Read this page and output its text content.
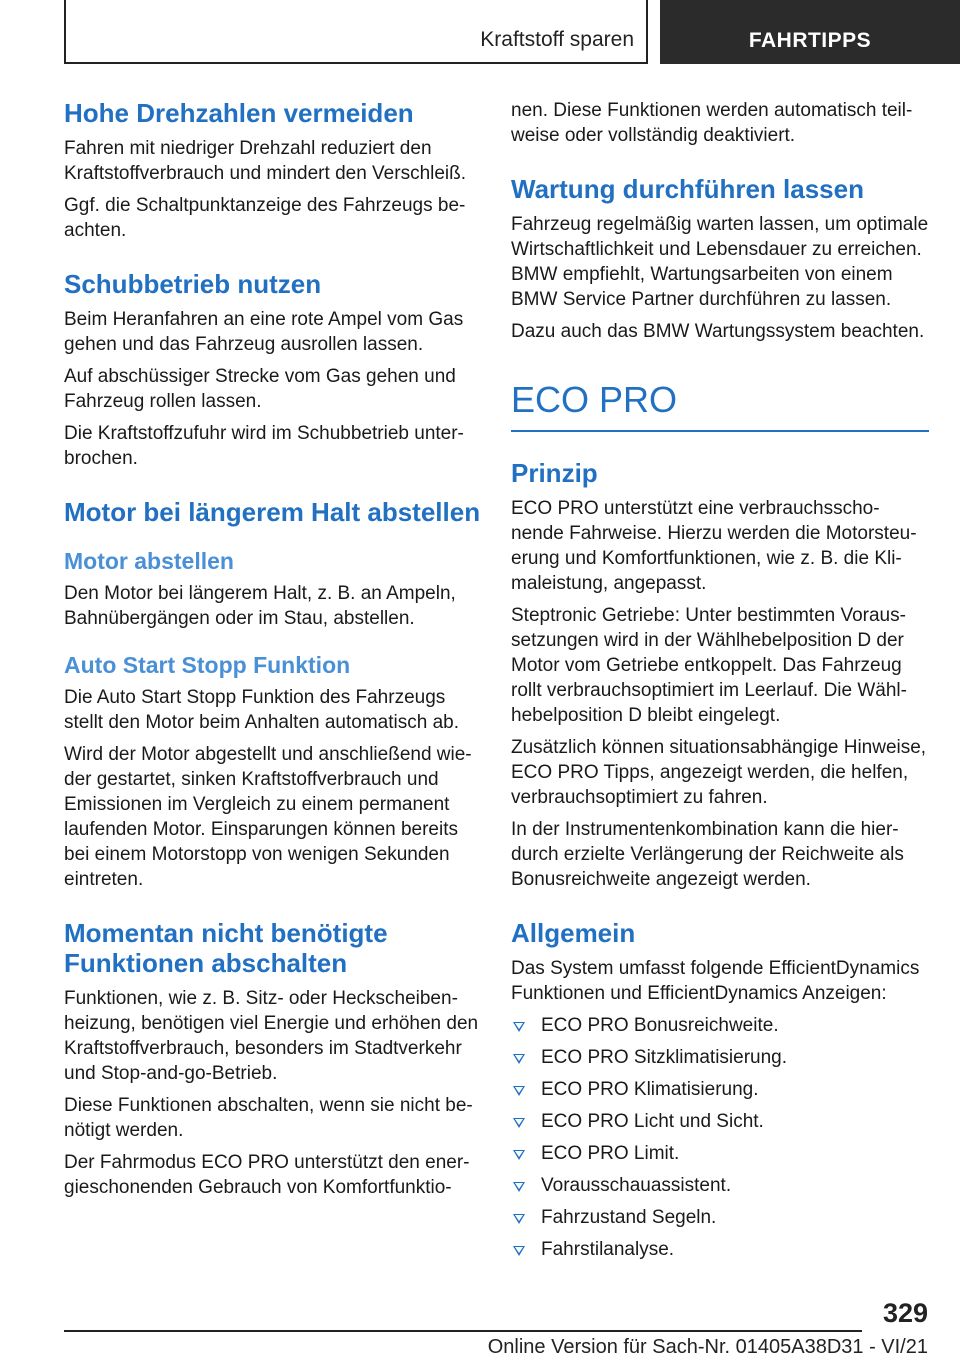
Kraftstoff sparen	FAHRTIPPS
Hohe Drehzahlen vermeiden

Fahren mit niedriger Drehzahl reduziert den Kraftstoffverbrauch und mindert den Verschleiß.

Ggf. die Schaltpunktanzeige des Fahrzeugs be-achten.

Schubbetrieb nutzen

Beim Heranfahren an eine rote Ampel vom Gas gehen und das Fahrzeug ausrollen lassen.

Auf abschüssiger Strecke vom Gas gehen und Fahrzeug rollen lassen.

Die Kraftstoffzufuhr wird im Schubbetrieb unter-brochen.

Motor bei längerem Halt abstellen
Motor abstellen

Den Motor bei längerem Halt, z. B. an Ampeln, Bahnübergängen oder im Stau, abstellen.

Auto Start Stopp Funktion

Die Auto Start Stopp Funktion des Fahrzeugs stellt den Motor beim Anhalten automatisch ab.

Wird der Motor abgestellt und anschließend wie-der gestartet, sinken Kraftstoffverbrauch und Emissionen im Vergleich zu einem permanent laufenden Motor. Einsparungen können bereits bei einem Motorstopp von wenigen Sekunden eintreten.

Momentan nicht benötigte Funktionen abschalten

Funktionen, wie z. B. Sitz- oder Heckscheiben-heizung, benötigen viel Energie und erhöhen den Kraftstoffverbrauch, besonders im Stadtverkehr und Stop-and-go-Betrieb.

Diese Funktionen abschalten, wenn sie nicht be-nötigt werden.

Der Fahrmodus ECO PRO unterstützt den ener-gieschonenden Gebrauch von Komfortfunktio-

nen. Diese Funktionen werden automatisch teil-weise oder vollständig deaktiviert.

Wartung durchführen lassen

Fahrzeug regelmäßig warten lassen, um optimale Wirtschaftlichkeit und Lebensdauer zu erreichen. BMW empfiehlt, Wartungsarbeiten von einem BMW Service Partner durchführen zu lassen.

Dazu auch das BMW Wartungssystem beachten.

ECO PRO
Prinzip

ECO PRO unterstützt eine verbrauchsscho-nende Fahrweise. Hierzu werden die Motorsteu-erung und Komfortfunktionen, wie z. B. die Kli-maleistung, angepasst.

Steptronic Getriebe: Unter bestimmten Voraus-setzungen wird in der Wählhebelposition D der Motor vom Getriebe entkoppelt. Das Fahrzeug rollt verbrauchsoptimiert im Leerlauf. Die Wähl-hebelposition D bleibt eingelegt.

Zusätzlich können situationsabhängige Hinweise, ECO PRO Tipps, angezeigt werden, die helfen, verbrauchsoptimiert zu fahren.

In der Instrumentenkombination kann die hier-durch erzielte Verlängerung der Reichweite als Bonusreichweite angezeigt werden.

Allgemein

Das System umfasst folgende EfficientDynamics Funktionen und EfficientDynamics Anzeigen:

ECO PRO Bonusreichweite.
ECO PRO Sitzklimatisierung.
ECO PRO Klimatisierung.
ECO PRO Licht und Sicht.
ECO PRO Limit.
Vorausschauassistent.
Fahrzustand Segeln.
Fahrstilanalyse.
329
Online Version für Sach-Nr. 01405A38D31 - VI/21
